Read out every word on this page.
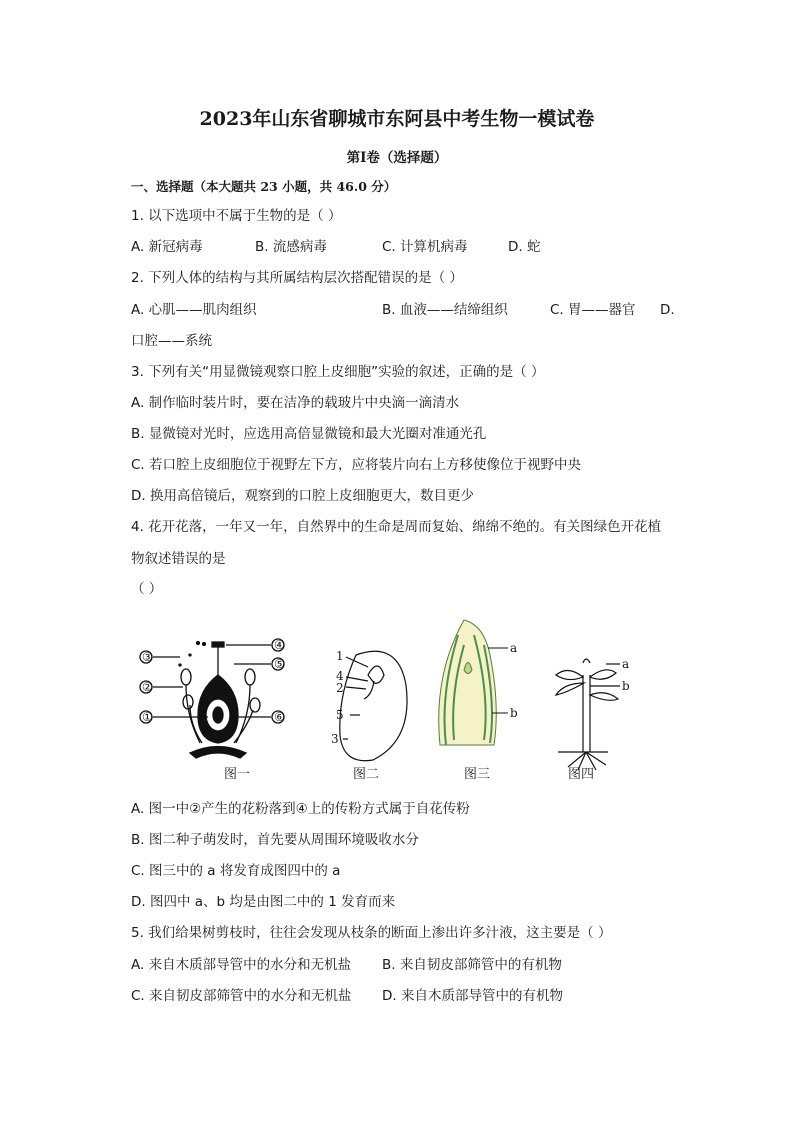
2023年山东省聊城市东阿县中考生物一模试卷
第I卷（选择题）
一、选择题（本大题共 23 小题，共 46.0 分）
1. 以下选项中不属于生物的是（ ）
A. 新冠病毒	B. 流感病毒	C. 计算机病毒	D. 蛇
2. 下列人体的结构与其所属结构层次搭配错误的是（ ）
A. 心肌——肌肉组织	B. 血液——结缔组织	C. 胃——器官 D.
口腔——系统
3. 下列有关“用显微镜观察口腔上皮细胞”实验的叙述，正确的是（ ）
A. 制作临时装片时，要在洁净的载玻片中央滴一滴清水
B. 显微镜对光时，应选用高倍显微镜和最大光圈对准通光孔
C. 若口腔上皮细胞位于视野左下方，应将装片向右上方移使像位于视野中央
D. 换用高倍镜后，观察到的口腔上皮细胞更大，数目更少
4. 花开花落，一年又一年，自然界中的生命是周而复始、绵绵不绝的。有关图绿色开花植
物叙述错误的是
（ ）
③
②
①
④
⑤
⑥
1
4
2
5
3
a
b
a
b
图一	图二	图三	图四
A. 图一中②产生的花粉落到④上的传粉方式属于自花传粉
B. 图二种子萌发时，首先要从周围环境吸收水分
C. 图三中的 a 将发育成图四中的 a
D. 图四中 a、b 均是由图二中的 1 发育而来
5. 我们给果树剪枝时，往往会发现从枝条的断面上渗出许多汁液，这主要是（ ）
A. 来自木质部导管中的水分和无机盐 B. 来自韧皮部筛管中的有机物
C. 来自韧皮部筛管中的水分和无机盐 D. 来自木质部导管中的有机物
